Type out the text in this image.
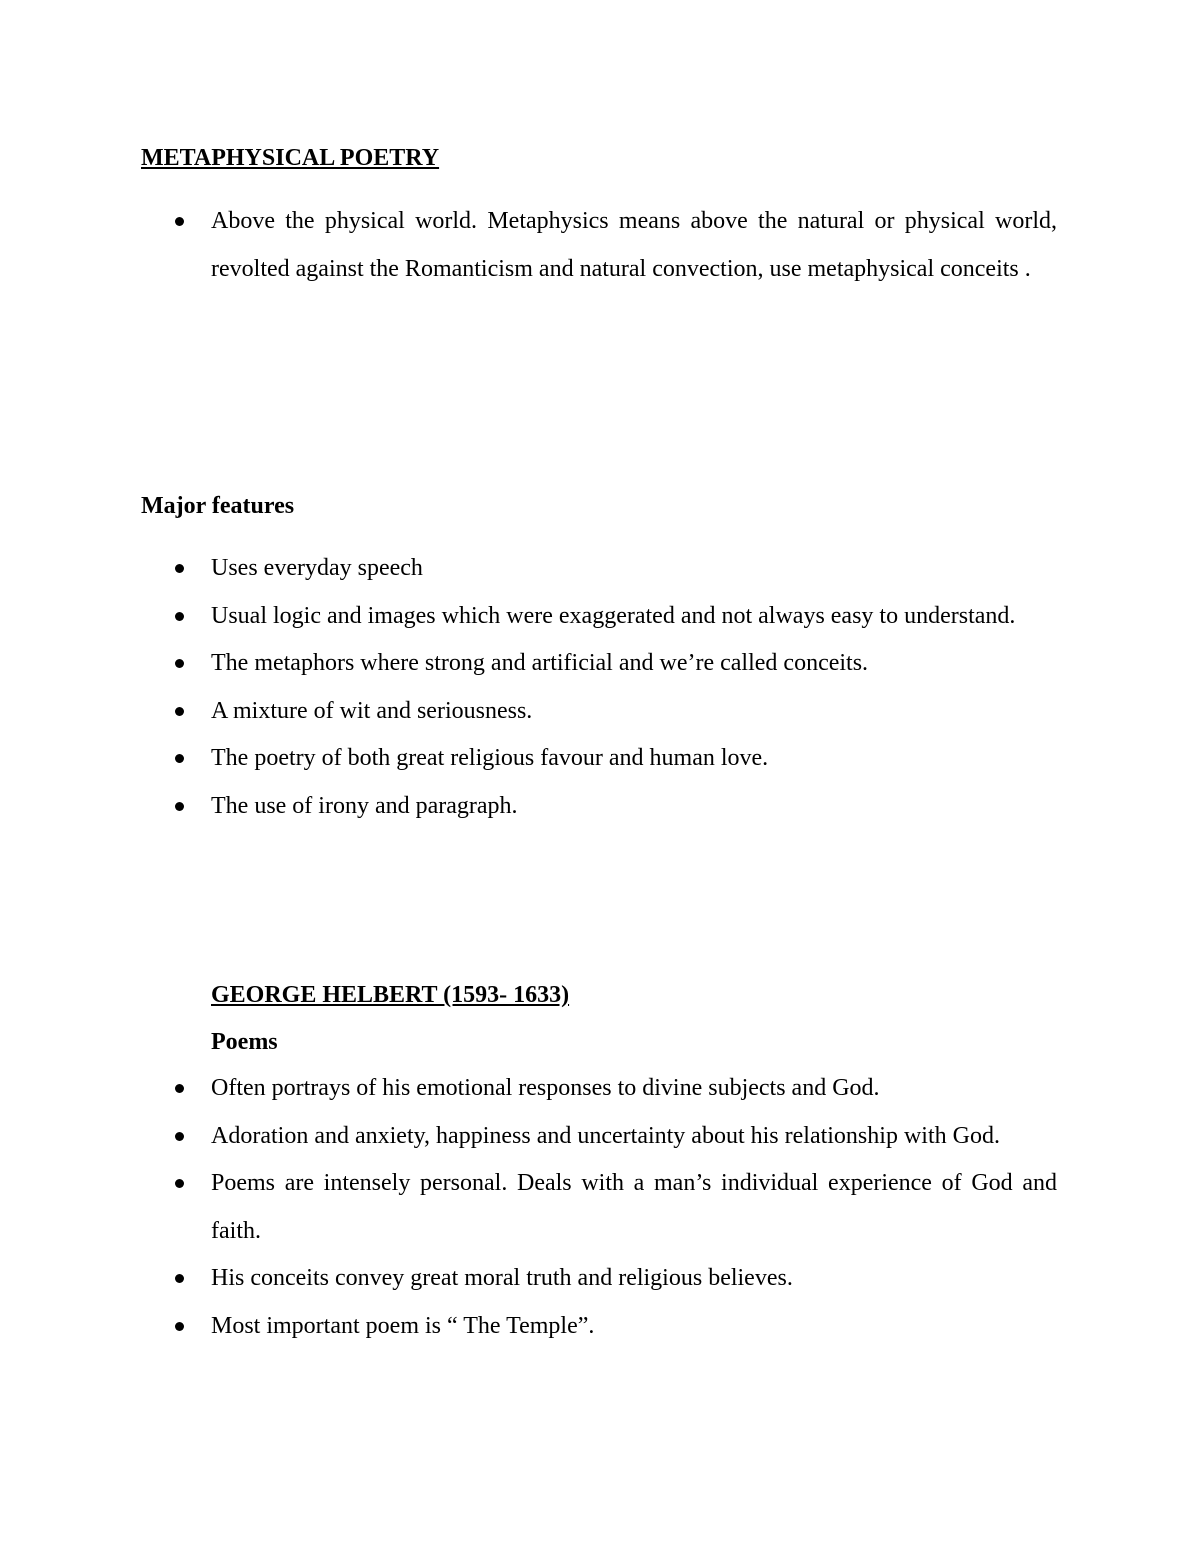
METAPHYSICAL POETRY
Above the physical world. Metaphysics means above the natural or physical world, revolted against the Romanticism and natural convection, use metaphysical conceits .
Major features
Uses everyday speech
Usual logic and images which were exaggerated and not always easy to understand.
The metaphors where strong and artificial and we’re called conceits.
A mixture of wit and seriousness.
The poetry of both great religious favour and human love.
The use of irony and paragraph.
GEORGE HELBERT (1593- 1633)
Poems
Often portrays of his emotional responses to divine subjects and God.
Adoration and anxiety, happiness and uncertainty about his relationship with God.
Poems are intensely personal. Deals with a man’s individual experience of God and faith.
His conceits convey great moral truth and religious believes.
Most important poem is “ The Temple”.
